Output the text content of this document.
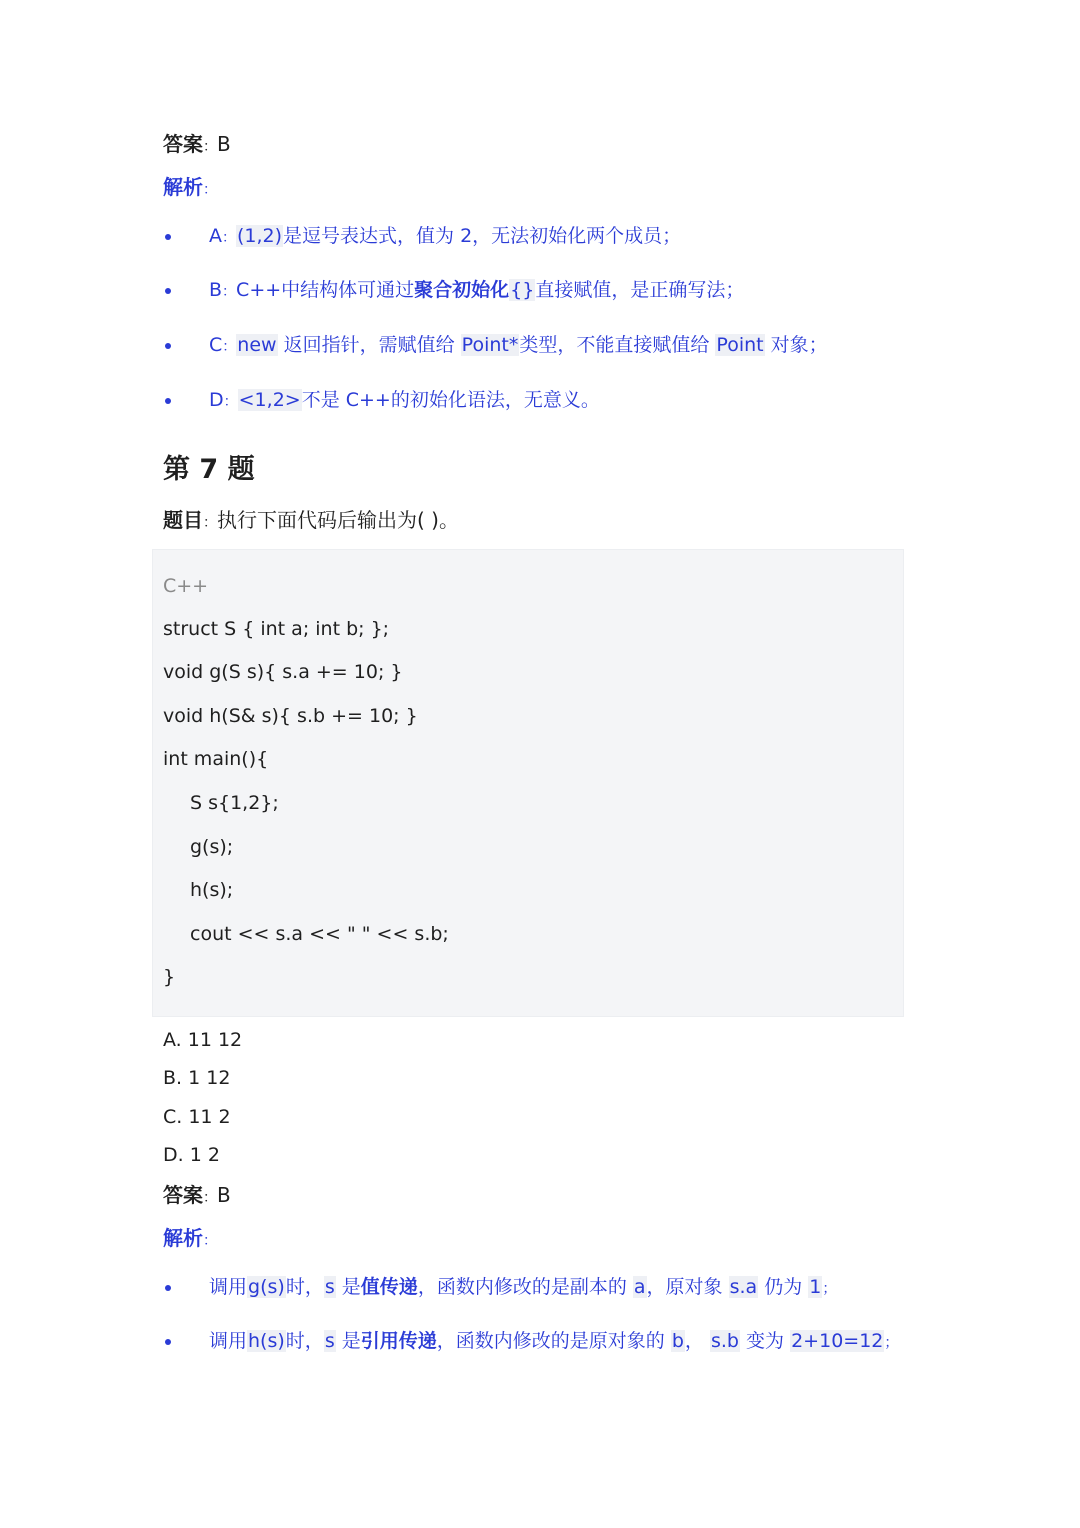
答案：B
解析：
A：(1,2)是逗号表达式，值为 2，无法初始化两个成员；
B：C++中结构体可通过聚合初始化{}直接赋值，是正确写法；
C：new 返回指针，需赋值给 Point*类型，不能直接赋值给 Point 对象；
D：<1,2>不是 C++的初始化语法，无意义。
第 7 题
题目：执行下面代码后输出为( )。
C++
struct S { int a; int b; };
void g(S s){ s.a += 10; }
void h(S& s){ s.b += 10; }
int main(){
S s{1,2};
g(s);
h(s);
cout << s.a << " " << s.b;
}
A. 11 12
B. 1 12
C. 11 2
D. 1 2
答案：B
解析：
调用g(s)时，s 是值传递，函数内修改的是副本的 a，原对象 s.a 仍为 1；
调用h(s)时，s 是引用传递，函数内修改的是原对象的 b， s.b 变为 2+10=12；
